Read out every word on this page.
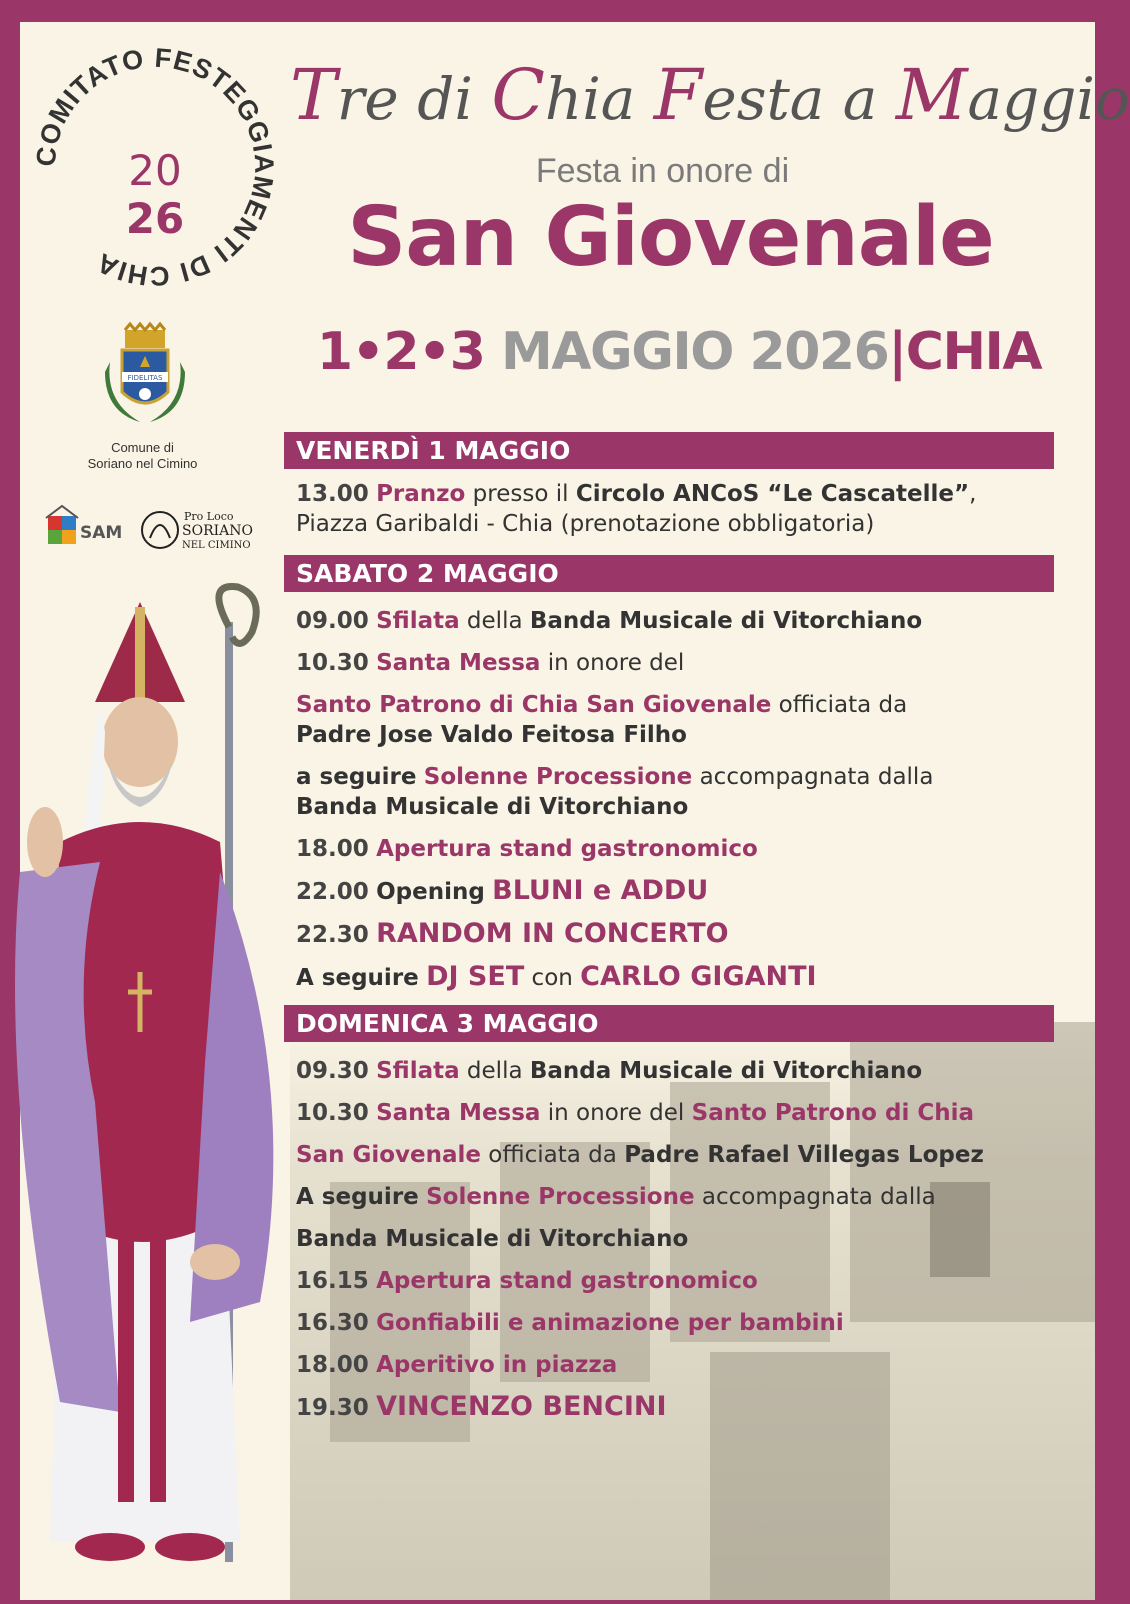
COMITATO FESTEGGIAMENTI DI CHIA
20
26
FIDELITAS
Comune di
Soriano nel Cimino
SAM
Pro Loco
SORIANO
NEL CIMINO
Tre di Chia Festa a Maggio
Festa in onore di
San Giovenale
1•2•3 MAGGIO 2026|CHIA
VENERDÌ 1 MAGGIO
13.00 Pranzo presso il Circolo ANCoS “Le Cascatelle”,
Piazza Garibaldi - Chia (prenotazione obbligatoria)
SABATO 2 MAGGIO
09.00 Sfilata della Banda Musicale di Vitorchiano
10.30 Santa Messa in onore del
Santo Patrono di Chia San Giovenale officiata da
Padre Jose Valdo Feitosa Filho
a seguire Solenne Processione accompagnata dalla
Banda Musicale di Vitorchiano
18.00 Apertura stand gastronomico
22.00 Opening BLUNI e ADDU
22.30 RANDOM IN CONCERTO
A seguire DJ SET con CARLO GIGANTI
DOMENICA 3 MAGGIO
09.30 Sfilata della Banda Musicale di Vitorchiano
10.30 Santa Messa in onore del Santo Patrono di Chia
San Giovenale officiata da Padre Rafael Villegas Lopez
A seguire Solenne Processione accompagnata dalla
Banda Musicale di Vitorchiano
16.15 Apertura stand gastronomico
16.30 Gonfiabili e animazione per bambini
18.00 Aperitivo in piazza
19.30 VINCENZO BENCINI
